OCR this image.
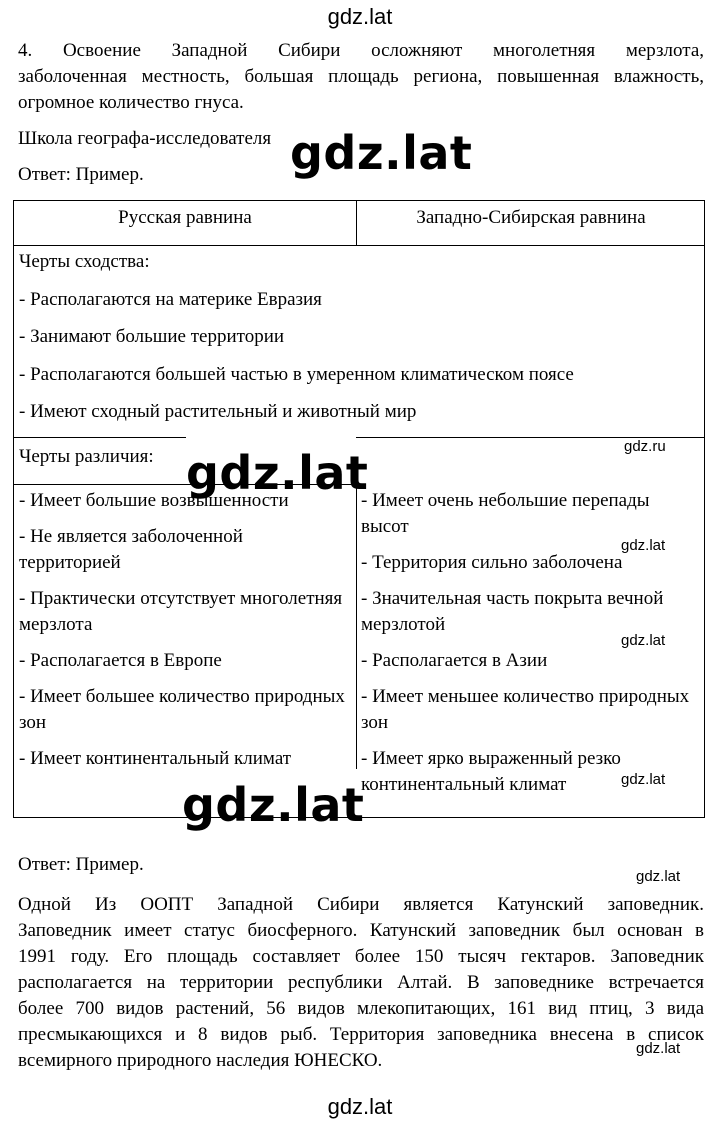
gdz.lat
4. Освоение Западной Сибири осложняют многолетняя мерзлота,
заболоченная местность, большая площадь региона, повышенная влажность,
огромное количество гнуса.
Школа географа-исследователя
Ответ: Пример.
Русская равнина	Западно-Сибирская равнина
Черты сходства:
- Располагаются на материке Евразия
- Занимают большие территории
- Располагаются большей частью в умеренном климатическом поясе
- Имеют сходный растительный и животный мир
Черты различия:
- Имеет большие возвышенности
- Не является заболоченной территорией
- Практически отсутствует многолетняя мерзлота
- Располагается в Европе
- Имеет большее количество природных зон
- Имеет континентальный климат
- Имеет очень небольшие перепады высот
- Территория сильно заболочена
- Значительная часть покрыта вечной мерзлотой
- Располагается в Азии
- Имеет меньшее количество природных зон
- Имеет ярко выраженный резко континентальный климат
Ответ: Пример.
Одной Из ООПТ Западной Сибири является Катунский заповедник.
Заповедник имеет статус биосферного. Катунский заповедник был основан в
1991 году. Его площадь составляет более 150 тысяч гектаров. Заповедник
располагается на территории республики Алтай. В заповеднике встречается
более 700 видов растений, 56 видов млекопитающих, 161 вид птиц, 3 вида
пресмыкающихся и 8 видов рыб. Территория заповедника внесена в список
всемирного природного наследия ЮНЕСКО.
gdz.lat
gdz.lat
gdz.lat
gdz.ru
gdz.lat
gdz.lat
gdz.lat
gdz.lat
gdz.lat
gdz.lat
